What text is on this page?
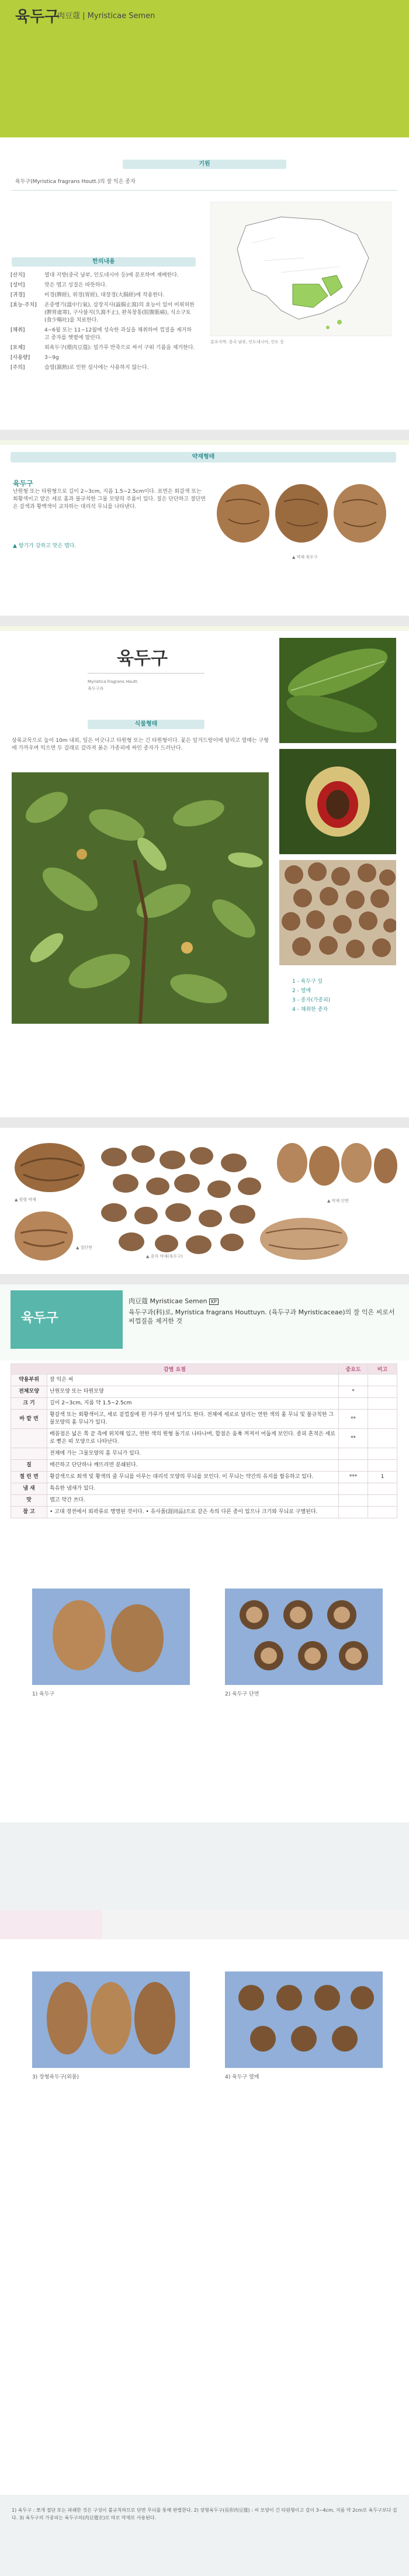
육두구
肉豆蔻 | Myristicae Semen
기원
육두구(Myristica fragrans Houtt.)의 잘 익은 종자
한의내용
[산지]	열대 지방(중국 남부, 인도네시아 등)에 분포하며 재배한다.
[성미]	맛은 맵고 성질은 따뜻하다.
[귀경]	비경(脾經), 위경(胃經), 대장경(大腸經)에 작용한다.
[효능·주치]	온중행기(溫中行氣), 삽장지사(澁腸止瀉)의 효능이 있어 비위허한(脾胃虛寒), 구사불지(久瀉不止), 완복창통(脘腹脹痛), 식소구토(食少嘔吐)를 치료한다.
[채취]	4~6월 또는 11~12월에 성숙한 과실을 채취하여 껍질을 제거하고 종자를 햇볕에 말린다.
[포제]	외육두구(煨肉豆蔻): 밀가루 반죽으로 싸서 구워 기름을 제거한다.
[사용량]	3~9g
[주의]	습열(濕熱)로 인한 설사에는 사용하지 않는다.
분포지역: 중국 남부, 인도네시아, 인도 등
약재형태
육두구
난원형 또는 타원형으로 길이 2~3cm, 지름 1.5~2.5cm이다. 표면은 회갈색 또는 회황색이고 얕은 세로 홈과 불규칙한 그물 모양의 주름이 있다. 질은 단단하고 절단면은 갈색과 황백색이 교차하는 대리석 무늬를 나타낸다.
▲ 향기가 강하고 맛은 맵다.
▲ 약재 육두구
육두구
Myristica fragrans Houtt.
육두구과
식물형태
상록교목으로 높이 10m 내외, 잎은 어긋나고 타원형 또는 긴 타원형이다. 꽃은 잎겨드랑이에 달리고 열매는 구형에 가까우며 익으면 두 갈래로 갈라져 붉은 가종피에 싸인 종자가 드러난다.
1 - 육두구 잎
2 - 열매
3 - 종자(가종피)
4 - 채취한 종자
▲ 원형 약재
▲ 절단면
▲ 종자 약재(육두구)
▲ 약재 단면
육두구
肉豆蔻 Myristicae Semen KP
육두구과(科)로, Myristica fragrans Houttuyn. (육두구과 Myristicaceae)의 잘 익은 씨로서 씨껍질을 제거한 것
감별 요점		중요도	비고
약용부위	잘 익은 씨		
전체모양	난원모양 또는 타원모양	*	
크 기	길이 2~3cm, 지름 약 1.5~2.5cm		
바 깥 면	황갈색 또는 회황색이고, 세로 겉껍질에 흰 가루가 덮여 있기도 한다. 전체에 세로로 달리는 연한 색의 홈 무늬 및 불규칙한 그물모양의 홈 무늬가 있다.	**	
	배꼽점은 넓은 쪽 끝 측에 위치해 있고, 연한 색의 원형 돌기로 나타나며, 합점은 움푹 꺼져서 어둡게 보인다. 종피 흔적은 세로로 뻗은 띠 모양으로 나타난다.	**	
	전체에 가는 그물모양의 흠 무늬가 있다.		
질	매끈하고 단단하나 깨뜨리면 분쇄된다.		
절 린 면	황갈색으로 회색 및 황색의 줄 무늬를 이루는 대리석 모양의 무늬를 보인다. 이 무늬는 약간의 유지를 함유하고 있다.	***	1
냄 새	특유한 냄새가 있다.		
맛	맵고 약간 쓰다.		
참 고	• 고대 경전에서 외곽류로 명명된 것이다. • 유사품(混同品)으로 같은 속의 다른 종이 있으나 크기와 무늬로 구별된다.		
1) 육두구	2) 육두구 단면
3) 장형육두구(외품)	4) 육두구 열매
1) 육두구 : 쪼개 절단 또는 파쇄한 것은 구성이 불규칙하므로 단면 무늬를 통해 판별한다. 2) 장형육두구(長形肉豆蔻) : 씨 모양이 긴 타원형이고 길이 3~4cm, 지름 약 2cm로 육두구보다 길다. 3) 육두구의 가종피는 육두구의(肉豆蔻衣)로 따로 약재로 사용된다.
